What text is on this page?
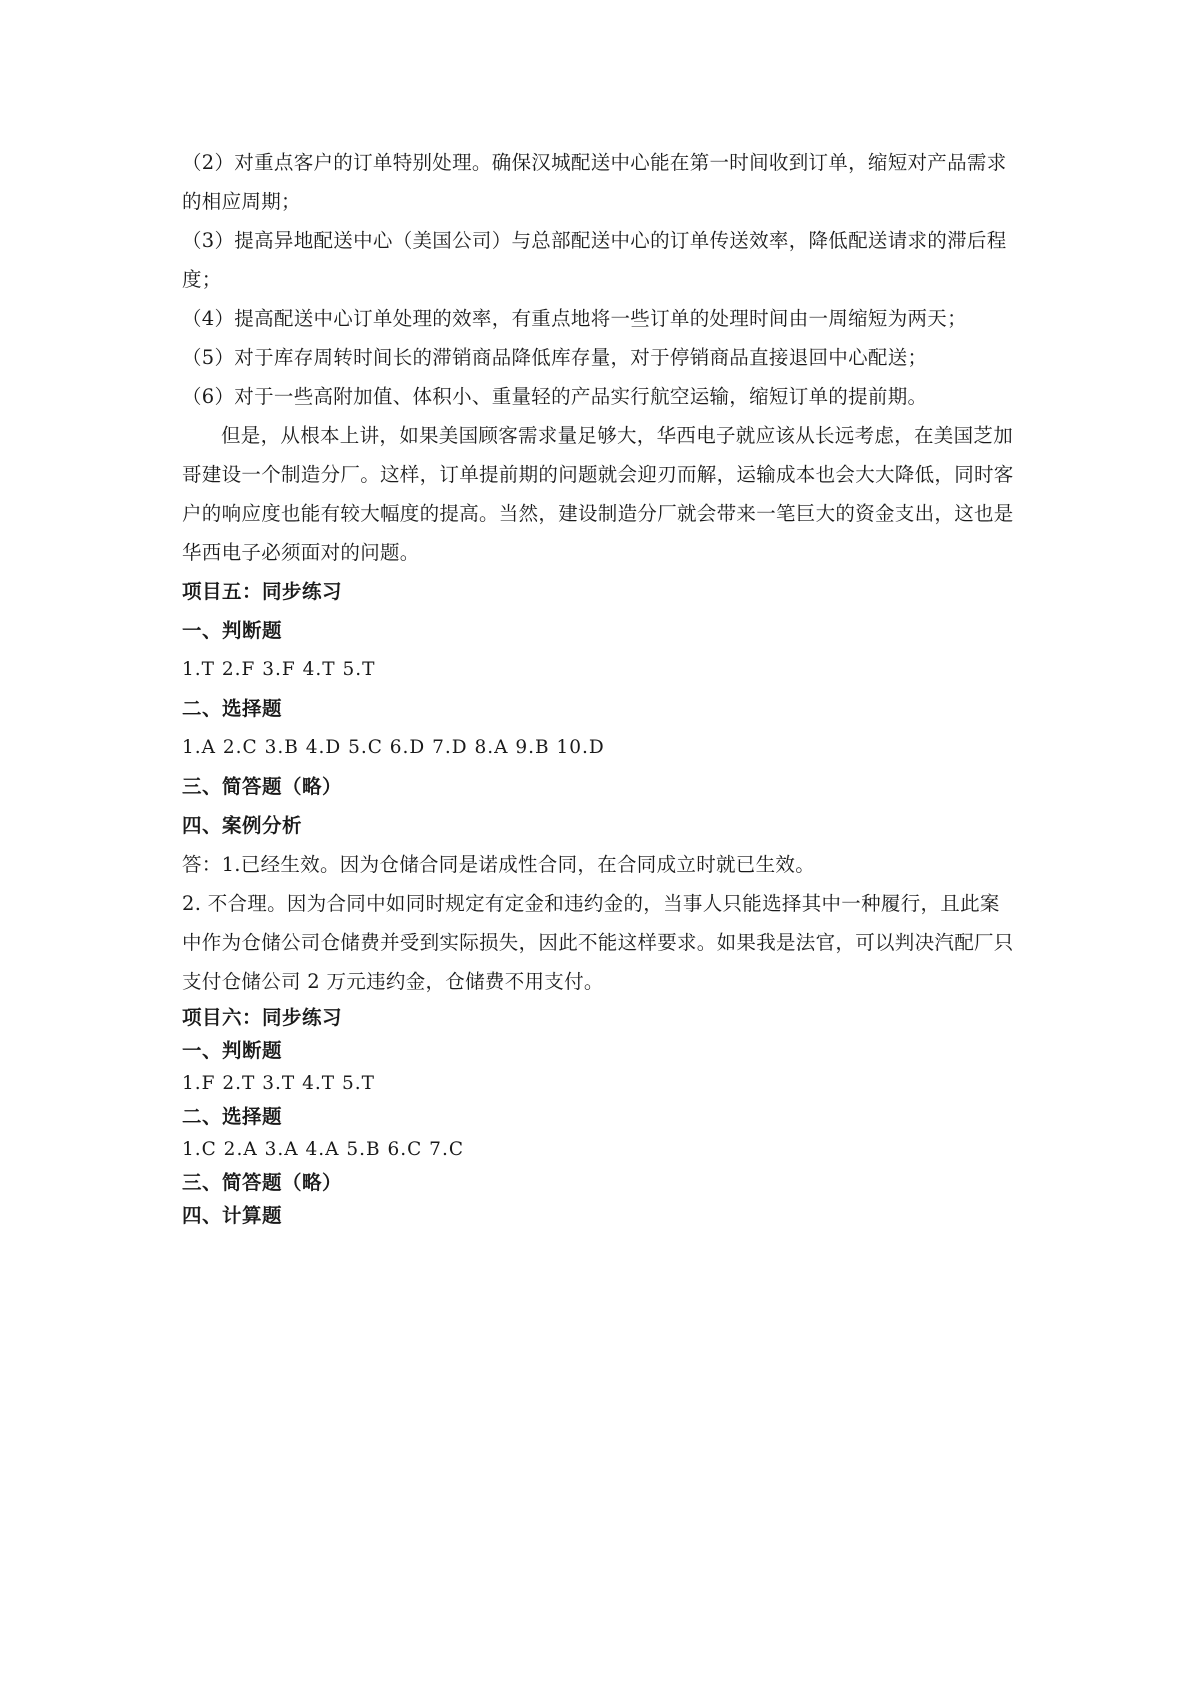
（2）对重点客户的订单特别处理。确保汉城配送中心能在第一时间收到订单，缩短对产品需求的相应周期；

（3）提高异地配送中心（美国公司）与总部配送中心的订单传送效率，降低配送请求的滞后程度；

（4）提高配送中心订单处理的效率，有重点地将一些订单的处理时间由一周缩短为两天；

（5）对于库存周转时间长的滞销商品降低库存量，对于停销商品直接退回中心配送；

（6）对于一些高附加值、体积小、重量轻的产品实行航空运输，缩短订单的提前期。

但是，从根本上讲，如果美国顾客需求量足够大，华西电子就应该从长远考虑，在美国芝加哥建设一个制造分厂。这样，订单提前期的问题就会迎刃而解，运输成本也会大大降低，同时客户的响应度也能有较大幅度的提高。当然，建设制造分厂就会带来一笔巨大的资金支出，这也是华西电子必须面对的问题。

项目五：同步练习

一、判断题

1.T 2.F 3.F 4.T 5.T

二、选择题

1.A 2.C 3.B 4.D 5.C 6.D 7.D 8.A 9.B 10.D

三、简答题（略）

四、案例分析

答：1.已经生效。因为仓储合同是诺成性合同，在合同成立时就已生效。

2. 不合理。因为合同中如同时规定有定金和违约金的，当事人只能选择其中一种履行，且此案中作为仓储公司仓储费并受到实际损失，因此不能这样要求。如果我是法官，可以判决汽配厂只支付仓储公司 2 万元违约金，仓储费不用支付。

项目六：同步练习

一、判断题

1.F 2.T 3.T 4.T 5.T

二、选择题

1.C 2.A 3.A 4.A 5.B 6.C 7.C

三、简答题（略）

四、计算题
